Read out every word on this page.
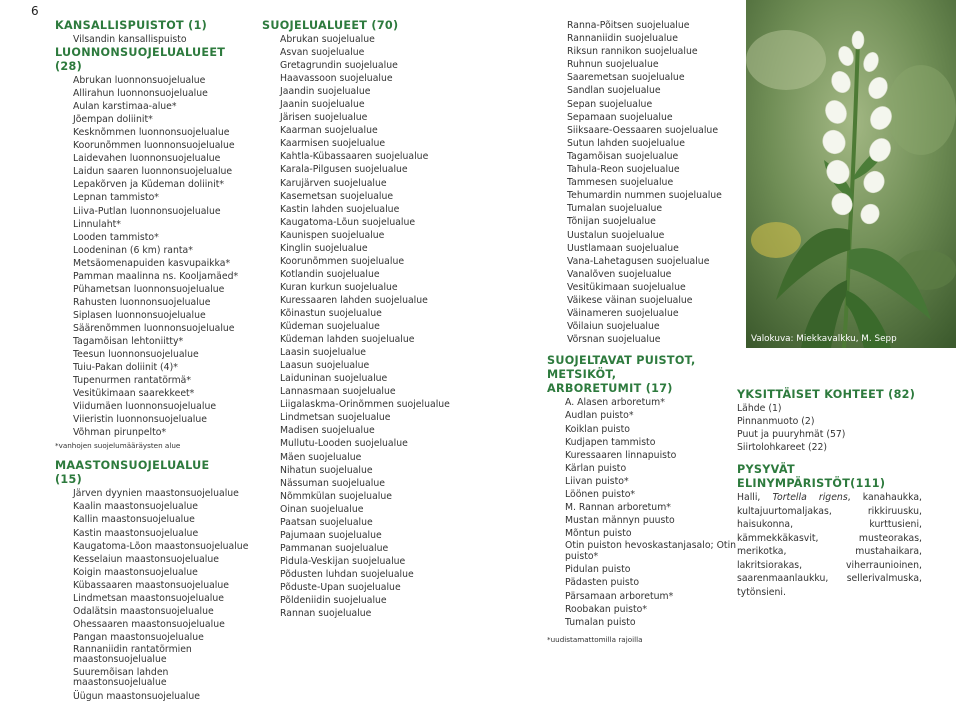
6
KANSALLISPUISTOT (1)
Vilsandin kansallispuisto
LUONNONSUOJELUALUEET (28)
Abrukan luonnonsuojelualue
Allirahun luonnonsuojelualue
Aulan karstimaa-alue*
Jõempan doliinit*
Kesknõmmen luonnonsuojelualue
Koorunõmmen luonnonsuojelualue
Laidevahen luonnonsuojelualue
Laidun saaren luonnonsuojelualue
Lepakõrven ja Küdeman doliinit*
Lepnan tammisto*
Liiva-Putlan luonnonsuojelualue
Linnulaht*
Looden tammisto*
Loodeninan (6 km) ranta*
Metsäomenapuiden kasvupaikka*
Pamman maalinna ns. Kooljamäed*
Pühametsan luonnonsuojelualue
Rahusten luonnonsuojelualue
Siplasen luonnonsuojelualue
Säärenõmmen luonnonsuojelualue
Tagamõisan lehtoniitty*
Teesun luonnonsuojelualue
Tuiu-Pakan doliinit (4)*
Tupenurmen rantatörmä*
Vesitükimaan saarekkeet*
Viidumäen luonnonsuojelualue
Viieristin luonnonsuojelualue
Võhman pirunpelto*
*vanhojen suojelumääräysten alue
MAASTONSUOJELUALUE (15)
Järven dyynien maastonsuojelualue
Kaalin maastonsuojelualue
Kallin maastonsuojelualue
Kastin maastonsuojelualue
Kaugatoma-Lõon maastonsuojelualue
Kesselaiun maastonsuojelualue
Koigin maastonsuojelualue
Kübassaaren maastonsuojelualue
Lindmetsan maastonsuojelualue
Odalätsin maastonsuojelualue
Ohessaaren maastonsuojelualue
Pangan maastonsuojelualue
Rannaniidin rantatörmien maastonsuojelualue
Suuremõisan lahden maastonsuojelualue
Üügun maastonsuojelualue
SUOJELUALUEET (70)
Abrukan suojelualue
Asvan suojelualue
Gretagrundin suojelualue
Haavassoon suojelualue
Jaandin suojelualue
Jaanin suojelualue
Järisen suojelualue
Kaarman suojelualue
Kaarmisen suojelualue
Kahtla-Kübassaaren suojelualue
Karala-Pilgusen suojelualue
Karujärven suojelualue
Kasemetsan suojelualue
Kastin lahden suojelualue
Kaugatoma-Lõun suojelualue
Kaunispen suojelualue
Kinglin suojelualue
Koorunõmmen suojelualue
Kotlandin suojelualue
Kuran kurkun suojelualue
Kuressaaren lahden suojelualue
Kõinastun suojelualue
Küdeman suojelualue
Küdeman lahden suojelualue
Laasin suojelualue
Laasun suojelualue
Laiduninan suojelualue
Lannasmaan suojelualue
Liigalaskma-Orinõmmen suojelualue
Lindmetsan suojelualue
Madisen suojelualue
Mullutu-Looden suojelualue
Mäen suojelualue
Nihatun suojelualue
Nässuman suojelualue
Nõmmkülan suojelualue
Oinan suojelualue
Paatsan suojelualue
Pajumaan suojelualue
Pammanan suojelualue
Pidula-Veskijan suojelualue
Põdusten luhdan suojelualue
Põduste-Upan suojelualue
Põldeniidin suojelualue
Rannan suojelualue
Ranna-Põitsen suojelualue
Rannaniidin suojelualue
Riksun rannikon suojelualue
Ruhnun suojelualue
Saaremetsan suojelualue
Sandlan suojelualue
Sepan suojelualue
Sepamaan suojelualue
Siiksaare-Oessaaren suojelualue
Sutun lahden suojelualue
Tagamõisan suojelualue
Tahula-Reon suojelualue
Tammesen suojelualue
Tehumardin nummen suojelualue
Tumalan suojelualue
Tõnijan suojelualue
Uustalun suojelualue
Uustlamaan suojelualue
Vana-Lahetagusen suojelualue
Vanalõven suojelualue
Vesitükimaan suojelualue
Väikese väinan suojelualue
Väinameren suojelualue
Võilaiun suojelualue
Võrsnan suojelualue
SUOJELTAVAT PUISTOT, METSIKÖT,
ARBORETUMIT (17)
A. Alasen arboretum*
Audlan puisto*
Koiklan puisto
Kudjapen tammisto
Kuressaaren linnapuisto
Kärlan puisto
Liivan puisto*
Löönen puisto*
M. Rannan arboretum*
Mustan männyn puusto
Mõntun puisto
Otin puiston hevoskastanjasalo; Otin puisto*
Pidulan puisto
Pädasten puisto
Pärsamaan arboretum*
Roobakan puisto*
Tumalan puisto
*uudistamattomilla rajoilla
Valokuva: Miekkavalkku, M. Sepp
YKSITTÄISET KOHTEET (82)
Lähde (1)
Pinnanmuoto (2)
Puut ja puuryhmät (57)
Siirtolohkareet (22)
PYSYVÄT ELINYMPÄRISTÖT(111)

Halli, Tortella rigens, kanahaukka, kultajuurtomaljakas, rikkiruusku, haisukonna, kurttusieni, kämmekkäkasvit, musteorakas, merikotka, mustahaikara, lakritsiorakas, viherraunioinen, saarenmaanlaukku, sellerivalmuska, tytönsieni.
